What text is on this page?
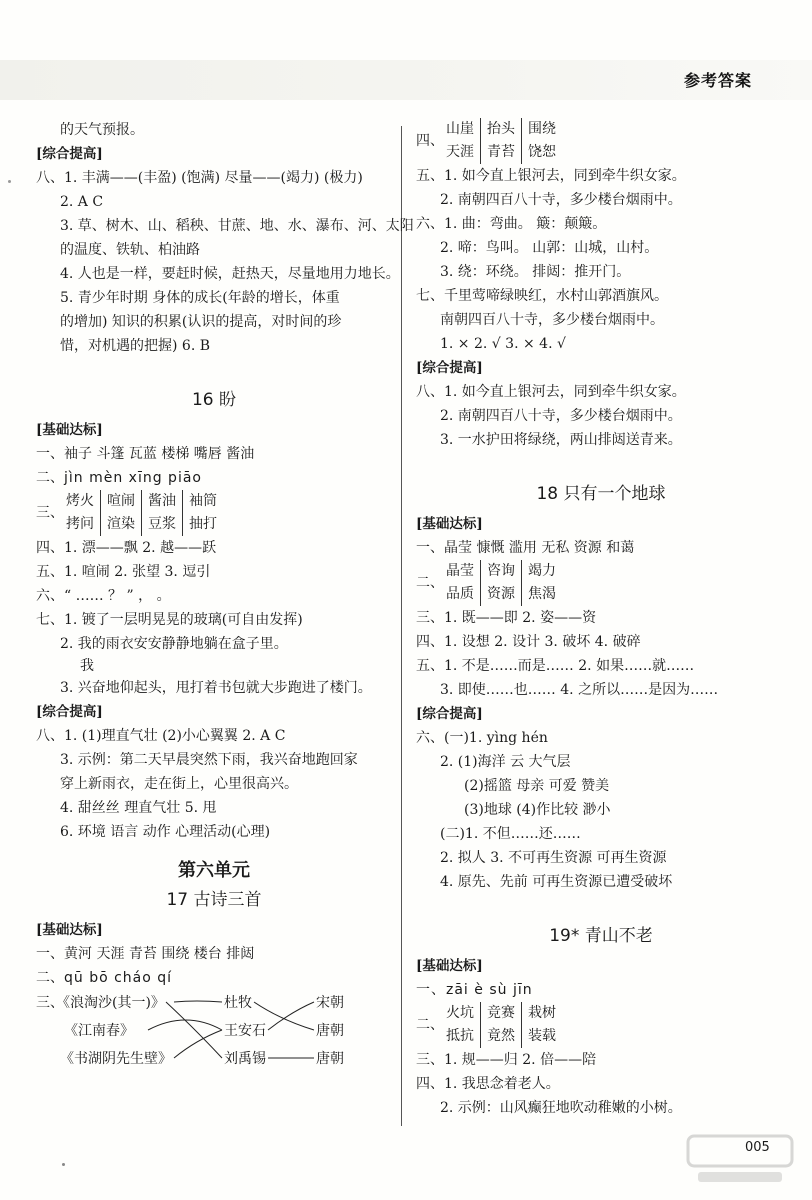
参考答案
的天气预报。
[综合提高]
八、1. 丰满——(丰盈) (饱满) 尽量——(竭力) (极力)
2. A C
3. 草、树木、山、稻秧、甘蔗、地、水、瀑布、河、太阳
的温度、铁轨、柏油路
4. 人也是一样，要赶时候，赶热天，尽量地用力地长。
5. 青少年时期 身体的成长(年龄的增长，体重
的增加) 知识的积累(认识的提高，对时间的珍
惜，对机遇的把握) 6. B
16 盼
[基础达标]
一、袖子 斗篷 瓦蓝 楼梯 嘴唇 酱油
二、jìn mèn xīng piāo
三、
烤火
拷问
喧闹
渲染
酱油
豆浆
袖筒
抽打
四、1. 漂——飘 2. 越——跃
五、1. 喧闹 2. 张望 3. 逗引
六、“ …… ？ ” ， 。
七、1. 镀了一层明晃晃的玻璃(可自由发挥)
2. 我的雨衣安安静静地躺在盒子里。
我
3. 兴奋地仰起头，甩打着书包就大步跑进了楼门。
[综合提高]
八、1. (1)理直气壮 (2)小心翼翼 2. A C
3. 示例：第二天早晨突然下雨，我兴奋地跑回家
穿上新雨衣，走在街上，心里很高兴。
4. 甜丝丝 理直气壮 5. 甩
6. 环境 语言 动作 心理活动(心理)
第六单元
17 古诗三首
[基础达标]
一、黄河 天涯 青苔 围绕 楼台 排闼
二、qū bō cháo qí
三、
《浪淘沙(其一)》
《江南春》
《书湖阴先生壁》
杜牧
王安石
刘禹锡
宋朝
唐朝
唐朝
四、
山崖
天涯
抬头
青苔
围绕
饶恕
五、1. 如今直上银河去，同到牵牛织女家。
2. 南朝四百八十寺，多少楼台烟雨中。
六、1. 曲：弯曲。 簸：颠簸。
2. 啼：鸟叫。 山郭：山城，山村。
3. 绕：环绕。 排闼：推开门。
七、千里莺啼绿映红，水村山郭酒旗风。
南朝四百八十寺，多少楼台烟雨中。
1. × 2. √ 3. × 4. √
[综合提高]
八、1. 如今直上银河去，同到牵牛织女家。
2. 南朝四百八十寺，多少楼台烟雨中。
3. 一水护田将绿绕，两山排闼送青来。
18 只有一个地球
[基础达标]
一、晶莹 慷慨 滥用 无私 资源 和蔼
二、
晶莹
品质
咨询
资源
竭力
焦渴
三、1. 既——即 2. 姿——资
四、1. 设想 2. 设计 3. 破坏 4. 破碎
五、1. 不是……而是…… 2. 如果……就……
3. 即使……也…… 4. 之所以……是因为……
[综合提高]
六、(一)1. yìng hén
2. (1)海洋 云 大气层
(2)摇篮 母亲 可爱 赞美
(3)地球 (4)作比较 渺小
(二)1. 不但……还……
2. 拟人 3. 不可再生资源 可再生资源
4. 原先、先前 可再生资源已遭受破坏
19* 青山不老
[基础达标]
一、zāi è sù jīn
二、
火坑
抵抗
竞赛
竟然
栽树
装载
三、1. 规——归 2. 倍——陪
四、1. 我思念着老人。
2. 示例：山风癫狂地吹动稚嫩的小树。
005
